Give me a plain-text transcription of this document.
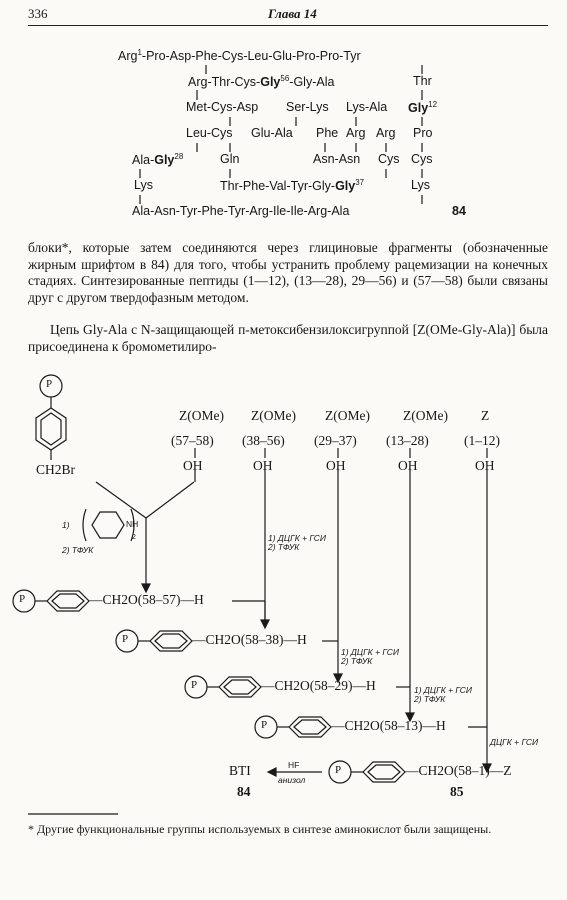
336	Глава 14
Arg$^1$-Pro-Asp-Phe-Cys-Leu-Glu-Pro-Pro-Tyr
Arg-Thr-Cys-Gly$^{56}$-Gly-Ala	Thr
Met-Cys-Asp Ser-Lys Lys-Ala Gly$^{12}$
Leu-Cys Glu-Ala Phe Arg Arg Pro
Ala-Gly$^{28}$	Gln	Asn-Asn Cys Cys
Lys	Thr-Phe-Val-Tyr-Gly-Gly$^{37}$	Lys
Ala-Asn-Tyr-Phe-Tyr-Arg-Ile-Ile-Arg-Ala	84
блоки*, которые затем соединяются через глициновые фрагменты (обозначенные жирным шрифтом в 84) для того, чтобы устранить проблему рацемизации на конечных стадиях. Синтезированные пептиды (1—12), (13—28), 29—56) и (57—58) были связаны друг с другом твердофазным методом.
Цепь Gly-Ala с N-защищающей п-метоксибензилоксигруппой [Z(OMe-Gly-Ala)] была присоединена к бромометилиро-
P
CH2Br
Z(OMe) Z(OMe) Z(OMe) Z(OMe) Z
(57–58) (38–56) (29–37) (13–28)	(1–12)
OH	OH	OH	OH	OH
1)	NH
2
2) ТФУК
1) ДЦГК + ГСИ
2) ТФУК
1) ДЦГК + ГСИ
2) ТФУК
1) ДЦГК + ГСИ
2) ТФУК
ДЦГК + ГСИ
P
P
P
P
P
—CH2O(58–57)—H
—CH2O(58–38)—H
—CH2O(58–29)—H
—CH2O(58–13)—H
—CH2O(58–1)—Z
BTI
84
HF
анизол
85
* Другие функциональные группы используемых в синтезе аминокислот были защищены.
